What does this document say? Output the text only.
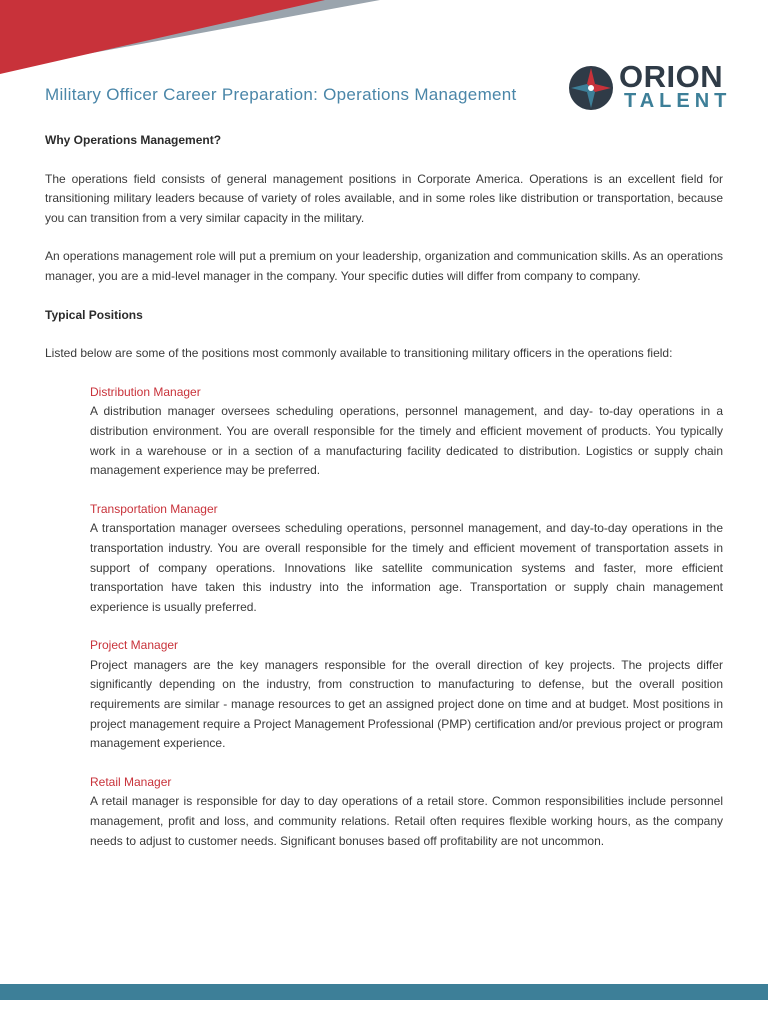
Military Officer Career Preparation: Operations Management
ORION
TALENT
Why Operations Management?

The operations field consists of general management positions in Corporate America. Operations is an excellent field for transitioning military leaders because of variety of roles available, and in some roles like distribution or transportation, because you can transition from a very similar capacity in the military.

An operations management role will put a premium on your leadership, organization and communication skills. As an operations manager, you are a mid-level manager in the company. Your specific duties will differ from company to company.

Typical Positions

Listed below are some of the positions most commonly available to transitioning military officers in the operations field:

Distribution Manager
A distribution manager oversees scheduling operations, personnel management, and day- to-day operations in a distribution environment. You are overall responsible for the timely and efficient movement of products. You typically work in a warehouse or in a section of a manufacturing facility dedicated to distribution. Logistics or supply chain management experience may be preferred.
Transportation Manager
A transportation manager oversees scheduling operations, personnel management, and day-to-day operations in the transportation industry. You are overall responsible for the timely and efficient movement of transportation assets in support of company operations. Innovations like satellite communication systems and faster, more efficient transportation have taken this industry into the information age. Transportation or supply chain management experience is usually preferred.
Project Manager
Project managers are the key managers responsible for the overall direction of key projects. The projects differ significantly depending on the industry, from construction to manufacturing to defense, but the overall position requirements are similar - manage resources to get an assigned project done on time and at budget. Most positions in project management require a Project Management Professional (PMP) certification and/or previous project or program management experience.
Retail Manager
A retail manager is responsible for day to day operations of a retail store. Common responsibilities include personnel management, profit and loss, and community relations. Retail often requires flexible working hours, as the company needs to adjust to customer needs. Significant bonuses based off profitability are not uncommon.
